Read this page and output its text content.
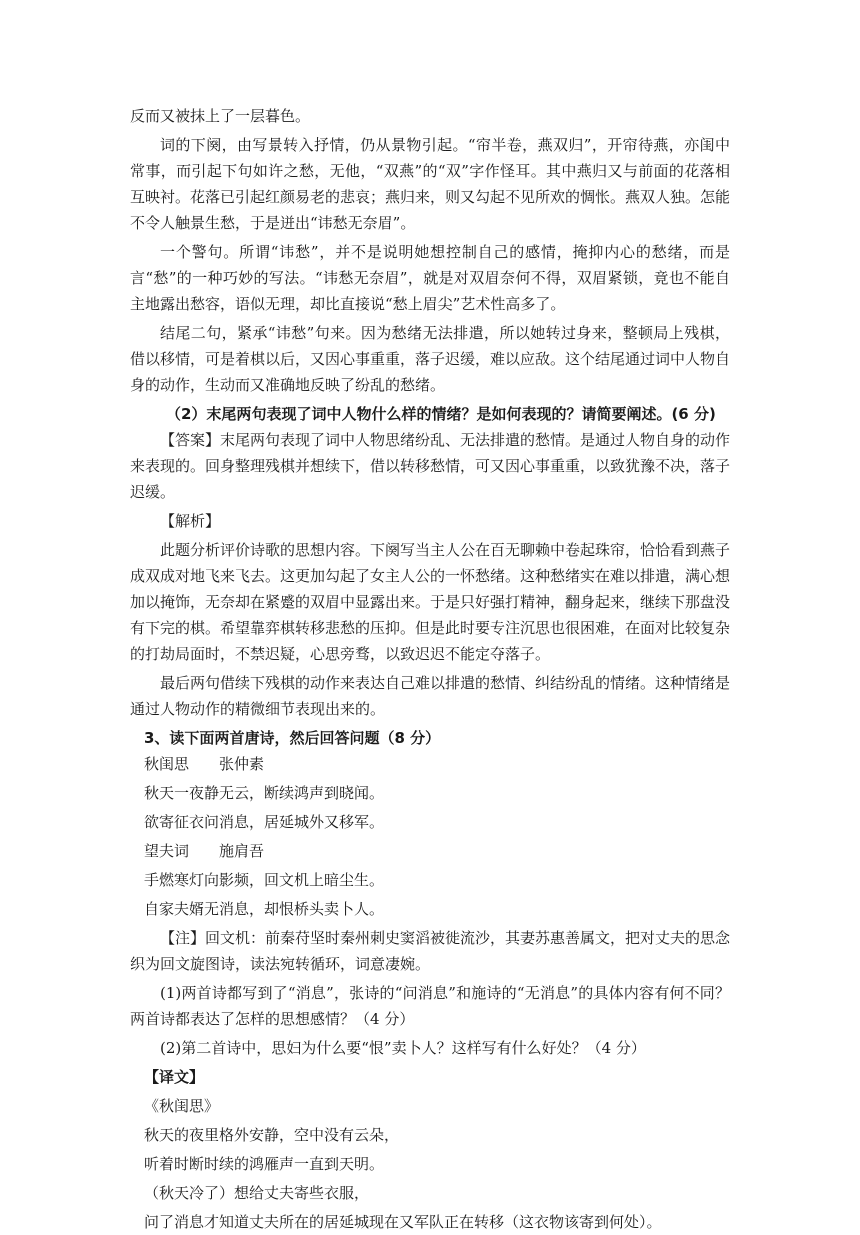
反而又被抹上了一层暮色。

词的下阕，由写景转入抒情，仍从景物引起。“帘半卷，燕双归”，开帘待燕，亦闺中常事，而引起下句如许之愁，无他，“双燕”的“双”字作怪耳。其中燕归又与前面的花落相互映衬。花落已引起红颜易老的悲哀；燕归来，则又勾起不见所欢的惆怅。燕双人独。怎能不令人触景生愁，于是迸出“讳愁无奈眉”。

一个警句。所谓“讳愁”，并不是说明她想控制自己的感情，掩抑内心的愁绪，而是言“愁”的一种巧妙的写法。“讳愁无奈眉”，就是对双眉奈何不得，双眉紧锁，竟也不能自主地露出愁容，语似无理，却比直接说“愁上眉尖”艺术性高多了。

结尾二句，紧承“讳愁”句来。因为愁绪无法排遣，所以她转过身来，整顿局上残棋，借以移情，可是着棋以后，又因心事重重，落子迟缓，难以应敌。这个结尾通过词中人物自身的动作，生动而又准确地反映了纷乱的愁绪。

（2）末尾两句表现了词中人物什么样的情绪？是如何表现的？请简要阐述。(6 分)

【答案】末尾两句表现了词中人物思绪纷乱、无法排遣的愁情。是通过人物自身的动作来表现的。回身整理残棋并想续下，借以转移愁情，可又因心事重重，以致犹豫不决，落子迟缓。

【解析】

此题分析评价诗歌的思想内容。下阕写当主人公在百无聊赖中卷起珠帘，恰恰看到燕子成双成对地飞来飞去。这更加勾起了女主人公的一怀愁绪。这种愁绪实在难以排遣，满心想加以掩饰，无奈却在紧蹙的双眉中显露出来。于是只好强打精神，翻身起来，继续下那盘没有下完的棋。希望靠弈棋转移悲愁的压抑。但是此时要专注沉思也很困难，在面对比较复杂的打劫局面时，不禁迟疑，心思旁骛，以致迟迟不能定夺落子。

最后两句借续下残棋的动作来表达自己难以排遣的愁情、纠结纷乱的情绪。这种情绪是通过人物动作的精微细节表现出来的。

3、读下面两首唐诗，然后回答问题（8 分）

秋闺思　　张仲素

秋天一夜静无云，断续鸿声到晓闻。

欲寄征衣问消息，居延城外又移军。

望夫词　　施肩吾

手燃寒灯向影频，回文机上暗尘生。

自家夫婿无消息，却恨桥头卖卜人。

【注】回文机：前秦苻坚时秦州刺史窦滔被徙流沙，其妻苏惠善属文，把对丈夫的思念织为回文旋图诗，读法宛转循环，词意凄婉。

(1)两首诗都写到了“消息”，张诗的“问消息”和施诗的“无消息”的具体内容有何不同？两首诗都表达了怎样的思想感情？（4 分）

(2)第二首诗中，思妇为什么要“恨”卖卜人？这样写有什么好处？（4 分）

【译文】

《秋闺思》

秋天的夜里格外安静，空中没有云朵，

听着时断时续的鸿雁声一直到天明。

（秋天冷了）想给丈夫寄些衣服，

问了消息才知道丈夫所在的居延城现在又军队正在转移（这衣物该寄到何处）。
